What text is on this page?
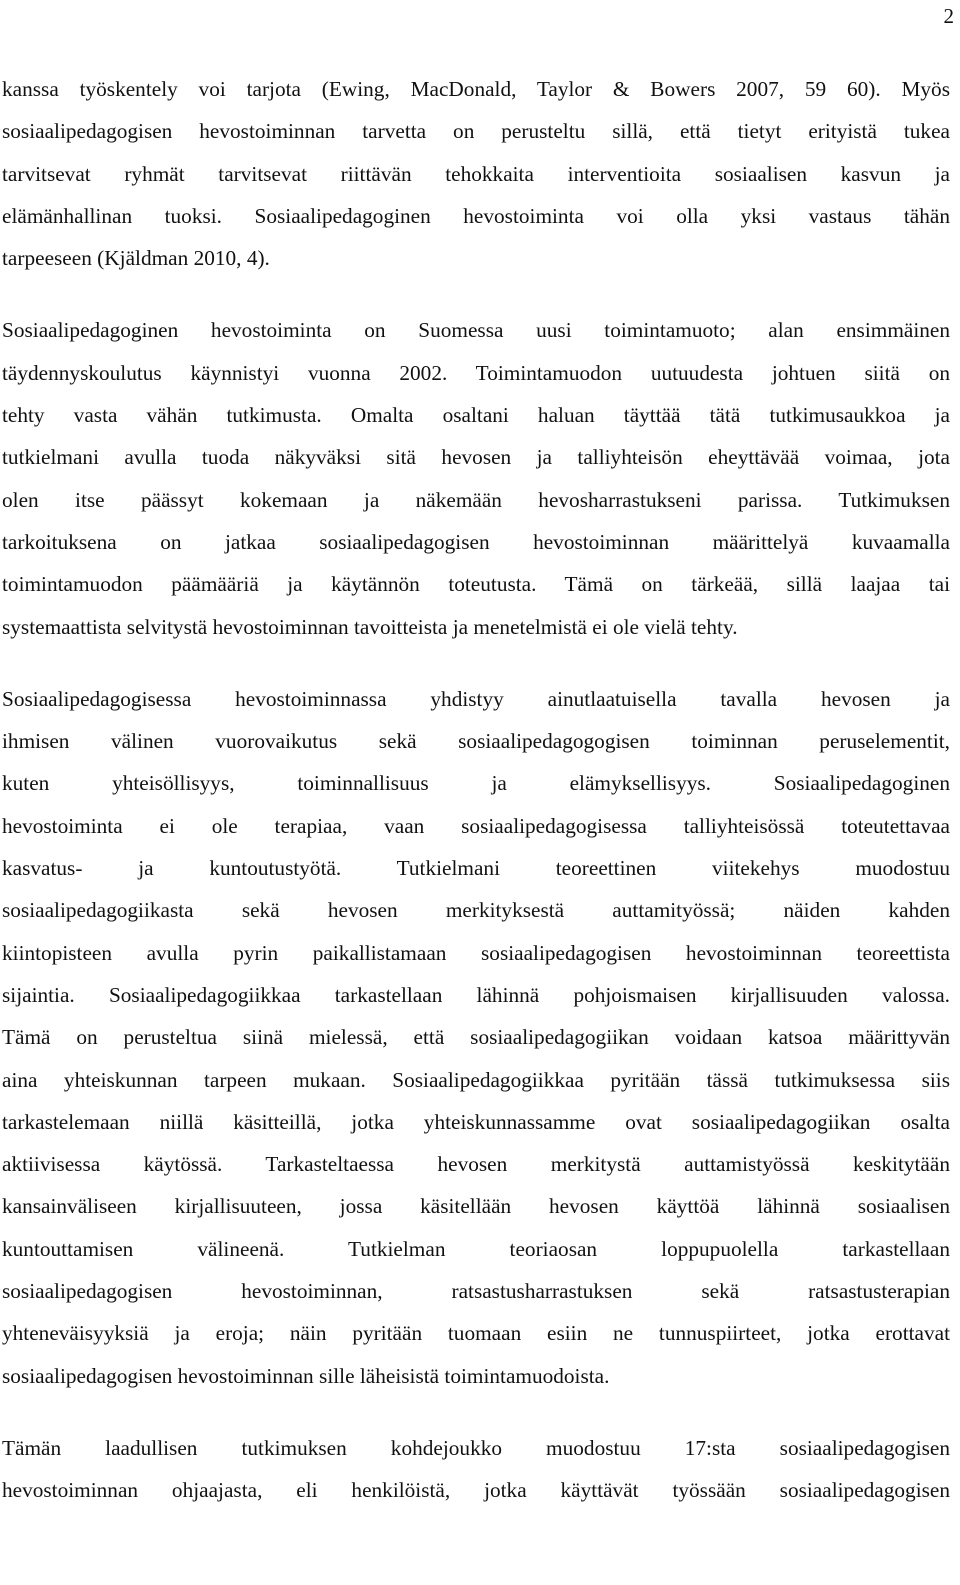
2

kanssa työskentely voi tarjota (Ewing, MacDonald, Taylor & Bowers 2007, 59 60). Myös
sosiaalipedagogisen hevostoiminnan tarvetta on perusteltu sillä, että tietyt erityistä tukea
tarvitsevat ryhmät tarvitsevat riittävän tehokkaita interventioita sosiaalisen kasvun ja
elämänhallinan tuoksi. Sosiaalipedagoginen hevostoiminta voi olla yksi vastaus tähän
tarpeeseen (Kjäldman 2010, 4).

Sosiaalipedagoginen hevostoiminta on Suomessa uusi toimintamuoto; alan ensimmäinen
täydennyskoulutus käynnistyi vuonna 2002. Toimintamuodon uutuudesta johtuen siitä on
tehty vasta vähän tutkimusta. Omalta osaltani haluan täyttää tätä tutkimusaukkoa ja
tutkielmani avulla tuoda näkyväksi sitä hevosen ja talliyhteisön eheyttävää voimaa, jota
olen itse päässyt kokemaan ja näkemään hevosharrastukseni parissa. Tutkimuksen
tarkoituksena on jatkaa sosiaalipedagogisen hevostoiminnan määrittelyä kuvaamalla
toimintamuodon päämääriä ja käytännön toteutusta. Tämä on tärkeää, sillä laajaa tai
systemaattista selvitystä hevostoiminnan tavoitteista ja menetelmistä ei ole vielä tehty.

Sosiaalipedagogisessa hevostoiminnassa yhdistyy ainutlaatuisella tavalla hevosen ja
ihmisen välinen vuorovaikutus sekä sosiaalipedagogogisen toiminnan peruselementit,
kuten yhteisöllisyys, toiminnallisuus ja elämyksellisyys. Sosiaalipedagoginen
hevostoiminta ei ole terapiaa, vaan sosiaalipedagogisessa talliyhteisössä toteutettavaa
kasvatus- ja kuntoutustyötä. Tutkielmani teoreettinen viitekehys muodostuu
sosiaalipedagogiikasta sekä hevosen merkityksestä auttamityössä; näiden kahden
kiintopisteen avulla pyrin paikallistamaan sosiaalipedagogisen hevostoiminnan teoreettista
sijaintia. Sosiaalipedagogiikkaa tarkastellaan lähinnä pohjoismaisen kirjallisuuden valossa.
Tämä on perusteltua siinä mielessä, että sosiaalipedagogiikan voidaan katsoa määrittyvän
aina yhteiskunnan tarpeen mukaan. Sosiaalipedagogiikkaa pyritään tässä tutkimuksessa siis
tarkastelemaan niillä käsitteillä, jotka yhteiskunnassamme ovat sosiaalipedagogiikan osalta
aktiivisessa käytössä. Tarkasteltaessa hevosen merkitystä auttamistyössä keskitytään
kansainväliseen kirjallisuuteen, jossa käsitellään hevosen käyttöä lähinnä sosiaalisen
kuntouttamisen välineenä. Tutkielman teoriaosan loppupuolella tarkastellaan
sosiaalipedagogisen hevostoiminnan, ratsastusharrastuksen sekä ratsastusterapian
yhteneväisyyksiä ja eroja; näin pyritään tuomaan esiin ne tunnuspiirteet, jotka erottavat
sosiaalipedagogisen hevostoiminnan sille läheisistä toimintamuodoista.

Tämän laadullisen tutkimuksen kohdejoukko muodostuu 17:sta sosiaalipedagogisen
hevostoiminnan ohjaajasta, eli henkilöistä, jotka käyttävät työssään sosiaalipedagogisen
